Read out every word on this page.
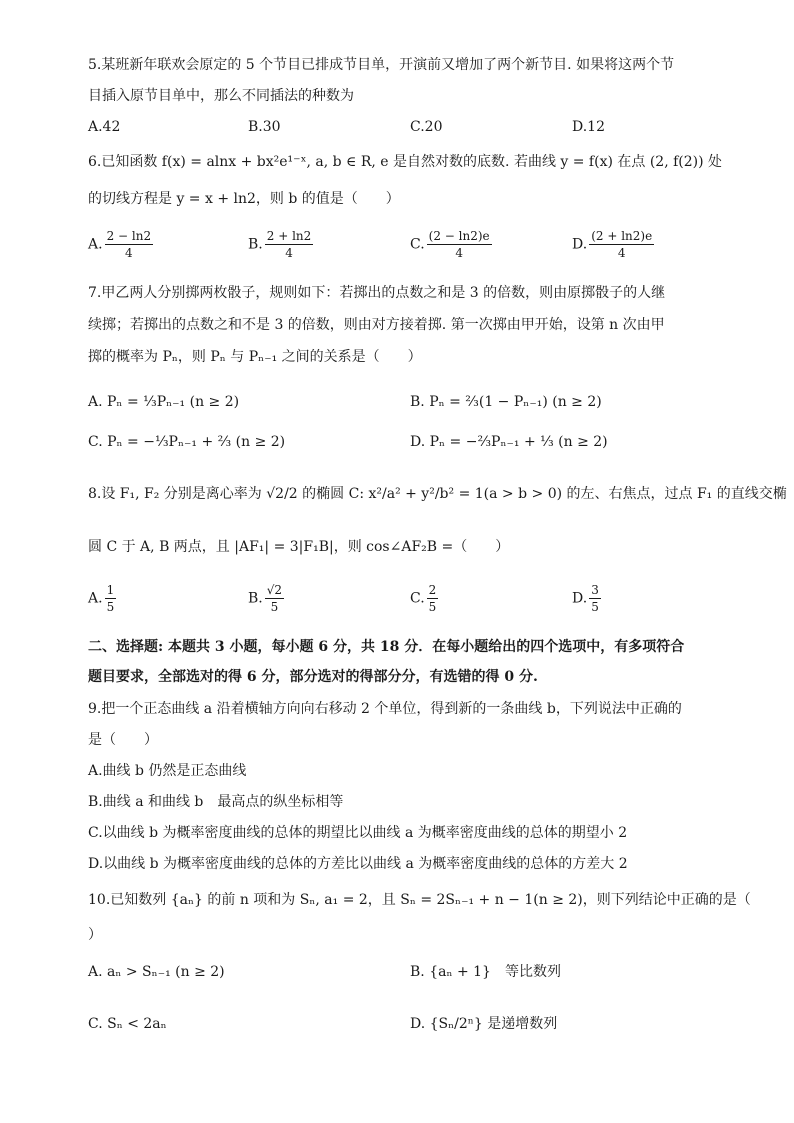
5.某班新年联欢会原定的 5 个节目已排成节目单，开演前又增加了两个新节目. 如果将这两个节
目插入原节目单中，那么不同插法的种数为
A.42	B.30	C.20	D.12
6.已知函数 f(x) = alnx + bx²e¹⁻ˣ, a, b ∈ R, e 是自然对数的底数. 若曲线 y = f(x) 在点 (2, f(2)) 处
的切线方程是 y = x + ln2，则 b 的值是（　　）
A. $\frac{2 - \ln 2}{4}$	B. $\frac{2 + \ln 2}{4}$	C. $\frac{(2 - \ln 2)e}{4}$	D. $\frac{(2 + \ln 2)e}{4}$
7.甲乙两人分别掷两枚骰子，规则如下：若掷出的点数之和是 3 的倍数，则由原掷骰子的人继
续掷；若掷出的点数之和不是 3 的倍数，则由对方接着掷. 第一次掷由甲开始，设第 n 次由甲
掷的概率为 Pₙ，则 Pₙ 与 Pₙ₋₁ 之间的关系是（　　）
A. Pₙ = ⅓Pₙ₋₁ (n ≥ 2)	B. Pₙ = ⅔(1 − Pₙ₋₁) (n ≥ 2)
C. Pₙ = −⅓Pₙ₋₁ + ⅔ (n ≥ 2)	D. Pₙ = −⅔Pₙ₋₁ + ⅓ (n ≥ 2)
8.设 F₁, F₂ 分别是离心率为 √2/2 的椭圆 C: x²/a² + y²/b² = 1(a > b > 0) 的左、右焦点，过点 F₁ 的直线交椭
圆 C 于 A, B 两点，且 |AF₁| = 3|F₁B|，则 cos∠AF₂B =（　　）
A. $\frac{1}{5}$	B. $\frac{√2}{5}$	C. $\frac{2}{5}$	D. $\frac{3}{5}$
二、选择题: 本题共 3 小题，每小题 6 分，共 18 分．在每小题给出的四个选项中，有多项符合
题目要求，全部选对的得 6 分，部分选对的得部分分，有选错的得 0 分.
9.把一个正态曲线 a 沿着横轴方向向右移动 2 个单位，得到新的一条曲线 b，下列说法中正确的
是（　　）
A.曲线 b 仍然是正态曲线
B.曲线 a 和曲线 b　最高点的纵坐标相等
C.以曲线 b 为概率密度曲线的总体的期望比以曲线 a 为概率密度曲线的总体的期望小 2
D.以曲线 b 为概率密度曲线的总体的方差比以曲线 a 为概率密度曲线的总体的方差大 2
10.已知数列 {aₙ} 的前 n 项和为 Sₙ, a₁ = 2，且 Sₙ = 2Sₙ₋₁ + n − 1(n ≥ 2)，则下列结论中正确的是（
）
A. aₙ > Sₙ₋₁ (n ≥ 2)	B. {aₙ + 1}　等比数列
C. Sₙ < 2aₙ	D. {Sₙ/2ⁿ} 是递增数列
